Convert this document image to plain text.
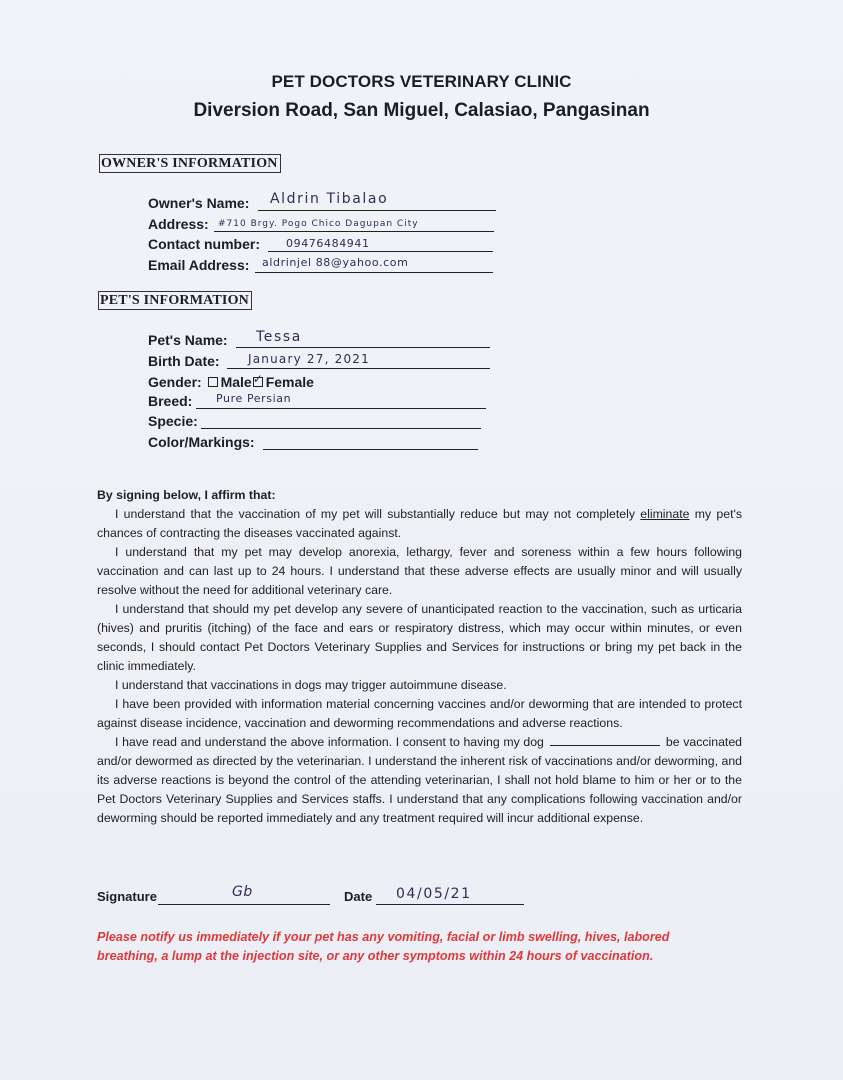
PET DOCTORS VETERINARY CLINIC
Diversion Road, San Miguel, Calasiao, Pangasinan
OWNER'S INFORMATION
Owner's Name: Aldrin Tibalao
Address: #710 Brgy. Pogo Chico Dagupan City
Contact number: 09476484941
Email Address: aldrinjel 88@yahoo.com
PET'S INFORMATION
Pet's Name: Tessa
Birth Date: January 27, 2021
Gender: Male ✓ Female
Breed: Pure Persian
Specie:
Color/Markings:

By signing below, I affirm that:

I understand that the vaccination of my pet will substantially reduce but may not completely eliminate my pet's chances of contracting the diseases vaccinated against.

I understand that my pet may develop anorexia, lethargy, fever and soreness within a few hours following vaccination and can last up to 24 hours. I understand that these adverse effects are usually minor and will usually resolve without the need for additional veterinary care.

I understand that should my pet develop any severe of unanticipated reaction to the vaccination, such as urticaria (hives) and pruritis (itching) of the face and ears or respiratory distress, which may occur within minutes, or even seconds, I should contact Pet Doctors Veterinary Supplies and Services for instructions or bring my pet back in the clinic immediately.

I understand that vaccinations in dogs may trigger autoimmune disease.

I have been provided with information material concerning vaccines and/or deworming that are intended to protect against disease incidence, vaccination and deworming recommendations and adverse reactions.

I have read and understand the above information. I consent to having my dog	be vaccinated and/or dewormed as directed by the veterinarian. I understand the inherent risk of vaccinations and/or deworming, and its adverse reactions is beyond the control of the attending veterinarian, I shall not hold blame to him or her or to the Pet Doctors Veterinary Supplies and Services staffs. I understand that any complications following vaccination and/or deworming should be reported immediately and any treatment required will incur additional expense.

Signature	Gb	Date 04/05/21
Please notify us immediately if your pet has any vomiting, facial or limb swelling, hives, labored breathing, a lump at the injection site, or any other symptoms within 24 hours of vaccination.
